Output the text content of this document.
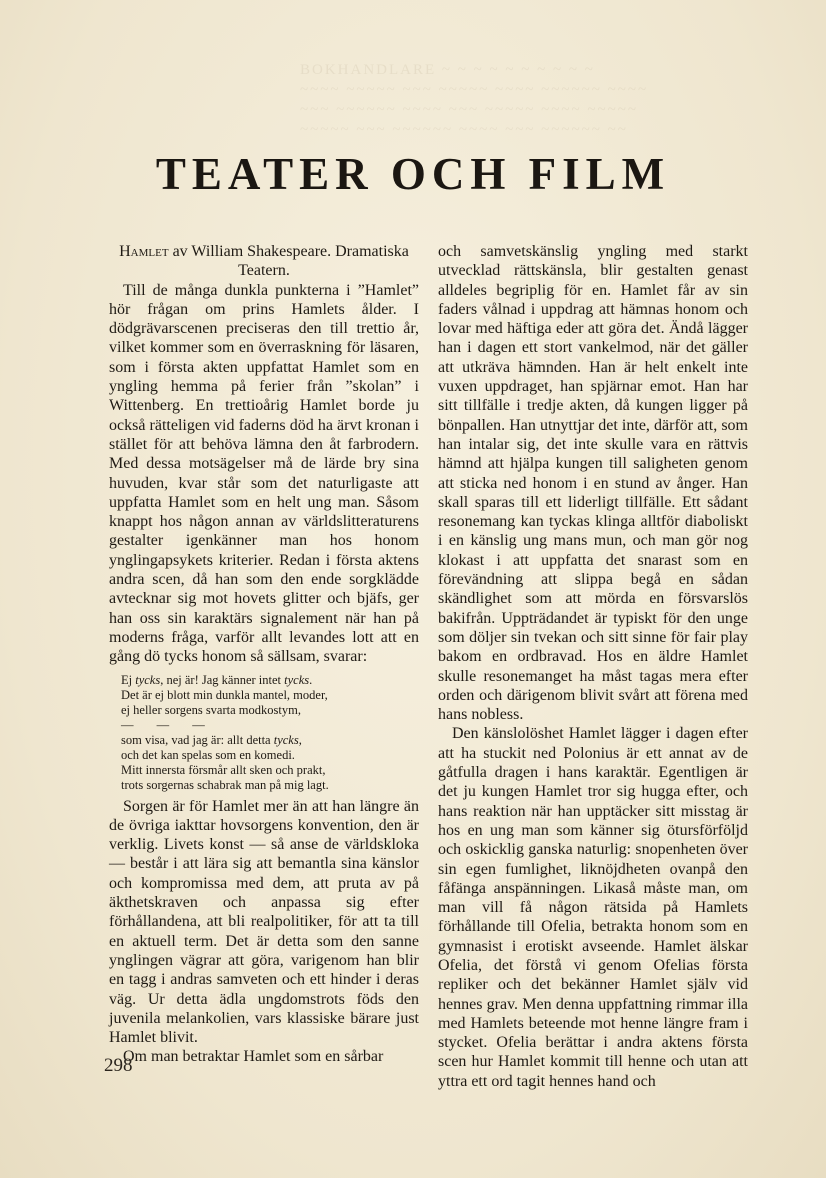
BOKHANDLARE ~ ~ ~ ~ ~ ~ ~ ~ ~ ~
~~~~ ~~~~~ ~~~ ~~~~~ ~~~~ ~~~~~~ ~~~~
~~~ ~~~~~~ ~~~~ ~~~ ~~~~~ ~~~~ ~~~~~
~~~~~ ~~~ ~~~~~~ ~~~~ ~~~ ~~~~~~ ~~
TEATER OCH FILM

Hamlet av William Shakespeare. Dramatiska Teatern.

Till de många dunkla punkterna i ”Hamlet” hör frågan om prins Hamlets ålder. I dödgrävarscenen preciseras den till trettio år, vilket kommer som en överraskning för läsaren, som i första akten uppfattat Hamlet som en yngling hemma på ferier från ”skolan” i Wittenberg. En trettioårig Hamlet borde ju också rätteligen vid faderns död ha ärvt kronan i stället för att behöva lämna den åt farbrodern. Med dessa motsägelser må de lärde bry sina huvuden, kvar står som det naturligaste att uppfatta Hamlet som en helt ung man. Såsom knappt hos någon annan av världslitteraturens gestalter igenkänner man hos honom ynglingapsykets kriterier. Redan i första aktens andra scen, då han som den ende sorgklädde avtecknar sig mot hovets glitter och bjäfs, ger han oss sin karaktärs signalement när han på moderns fråga, varför allt levandes lott att en gång dö tycks honom så sällsam, svarar:

Ej tycks, nej är! Jag känner intet tycks.
Det är ej blott min dunkla mantel, moder,
ej heller sorgens svarta modkostym,
— — —
som visa, vad jag är: allt detta tycks,
och det kan spelas som en komedi.
Mitt innersta försmår allt sken och prakt,
trots sorgernas schabrak man på mig lagt.

Sorgen är för Hamlet mer än att han längre än de övriga iakttar hovsorgens konvention, den är verklig. Livets konst — så anse de världskloka — består i att lära sig att bemantla sina känslor och kompromissa med dem, att pruta av på äkthetskraven och anpassa sig efter förhållandena, att bli realpolitiker, för att ta till en aktuell term. Det är detta som den sanne ynglingen vägrar att göra, varigenom han blir en tagg i andras samveten och ett hinder i deras väg. Ur detta ädla ungdomstrots föds den juvenila melankolien, vars klassiske bärare just Hamlet blivit.

Om man betraktar Hamlet som en sårbar

och samvetskänslig yngling med starkt utvecklad rättskänsla, blir gestalten genast alldeles begriplig för en. Hamlet får av sin faders vålnad i uppdrag att hämnas honom och lovar med häftiga eder att göra det. Ändå lägger han i dagen ett stort vankelmod, när det gäller att utkräva hämnden. Han är helt enkelt inte vuxen uppdraget, han spjärnar emot. Han har sitt tillfälle i tredje akten, då kungen ligger på bönpallen. Han utnyttjar det inte, därför att, som han intalar sig, det inte skulle vara en rättvis hämnd att hjälpa kungen till saligheten genom att sticka ned honom i en stund av ånger. Han skall sparas till ett liderligt tillfälle. Ett sådant resonemang kan tyckas klinga alltför diaboliskt i en känslig ung mans mun, och man gör nog klokast i att uppfatta det snarast som en förevändning att slippa begå en sådan skändlighet som att mörda en försvarslös bakifrån. Uppträdandet är typiskt för den unge som döljer sin tvekan och sitt sinne för fair play bakom en ordbravad. Hos en äldre Hamlet skulle resonemanget ha måst tagas mera efter orden och därigenom blivit svårt att förena med hans nobless.

Den känslolöshet Hamlet lägger i dagen efter att ha stuckit ned Polonius är ett annat av de gåtfulla dragen i hans karaktär. Egentligen är det ju kungen Hamlet tror sig hugga efter, och hans reaktion när han upptäcker sitt misstag är hos en ung man som känner sig ötursförföljd och oskicklig ganska naturlig: snopenheten över sin egen fumlighet, liknöjdheten ovanpå den fåfänga anspänningen. Likaså måste man, om man vill få någon rätsida på Hamlets förhållande till Ofelia, betrakta honom som en gymnasist i erotiskt avseende. Hamlet älskar Ofelia, det förstå vi genom Ofelias första repliker och det bekänner Hamlet själv vid hennes grav. Men denna uppfattning rimmar illa med Hamlets beteende mot henne längre fram i stycket. Ofelia berättar i andra aktens första scen hur Hamlet kommit till henne och utan att yttra ett ord tagit hennes hand och

298
